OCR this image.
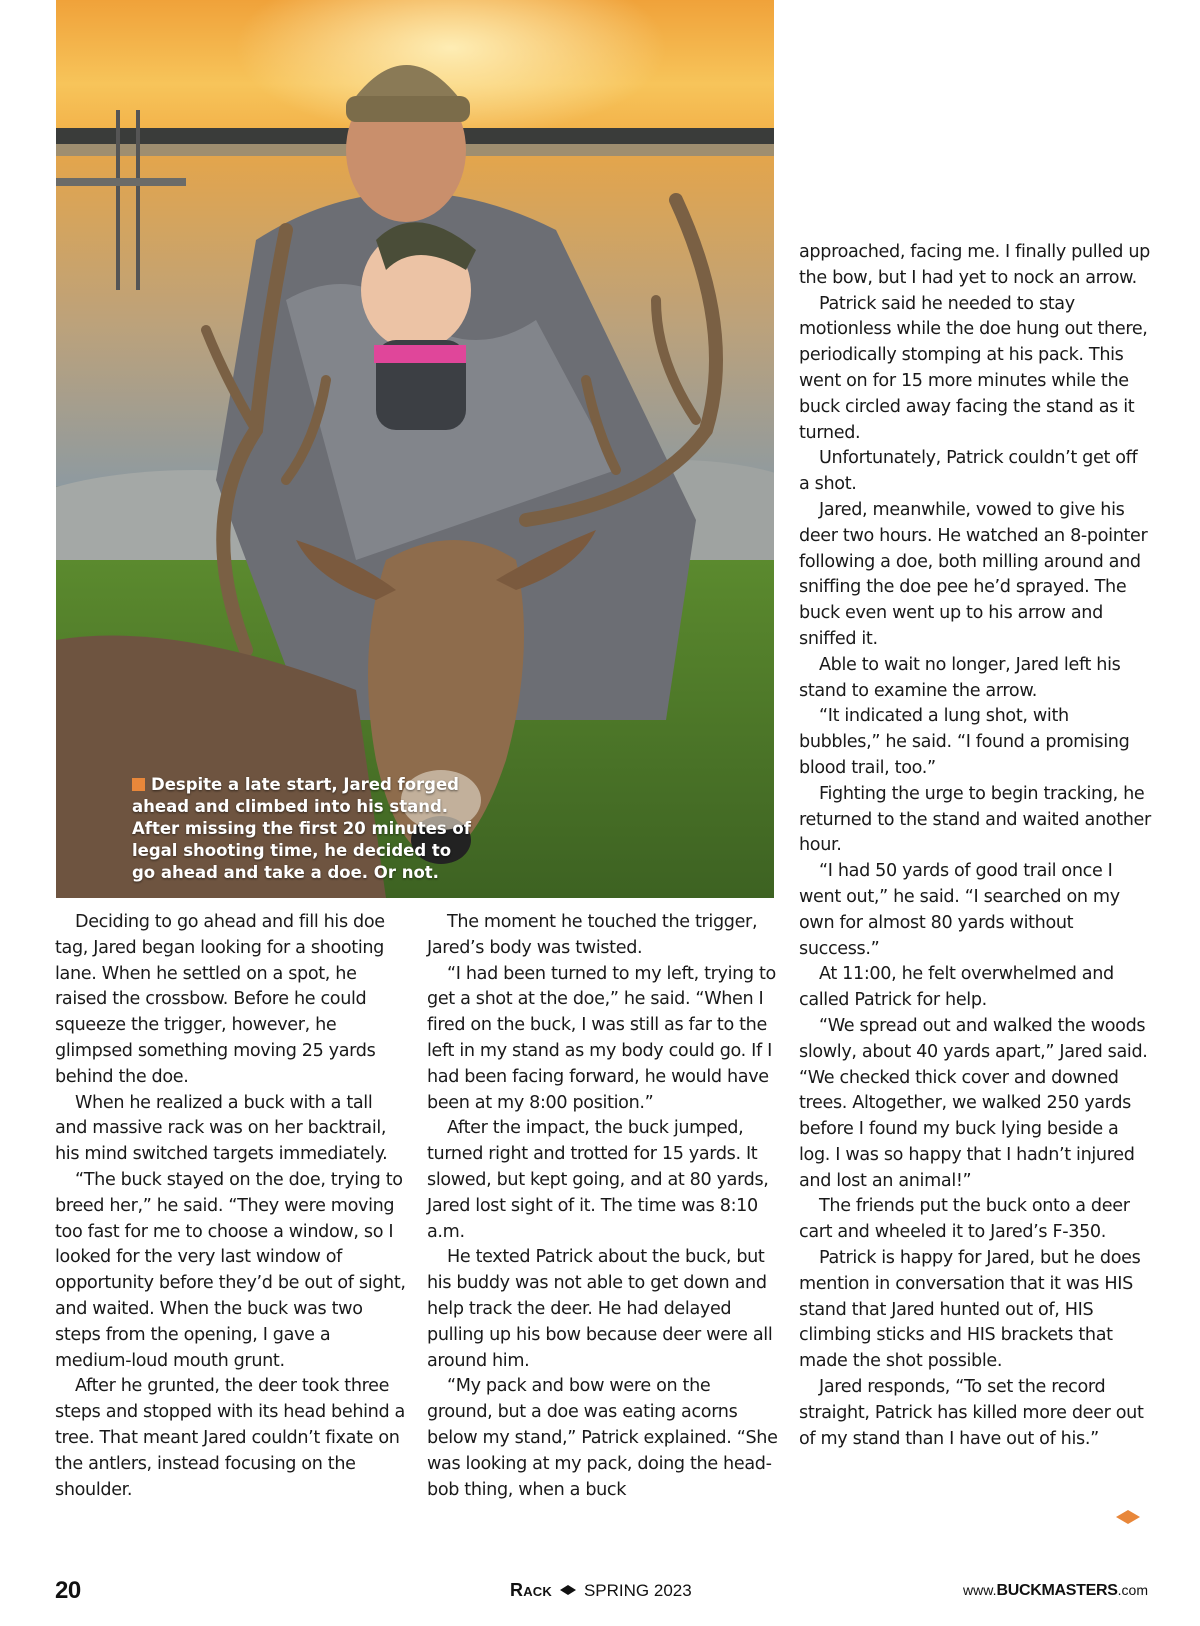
Despite a late start, Jared forged ahead and climbed into his stand. After missing the first 20 minutes of legal shooting time, he decided to go ahead and take a doe. Or not.

Deciding to go ahead and fill his doe tag, Jared began looking for a shooting lane. When he settled on a spot, he raised the crossbow. Before he could squeeze the trigger, however, he glimpsed something moving 25 yards behind the doe.

When he realized a buck with a tall and massive rack was on her backtrail, his mind switched targets immediately.

“The buck stayed on the doe, trying to breed her,” he said. “They were moving too fast for me to choose a window, so I looked for the very last window of opportunity before they’d be out of sight, and waited. When the buck was two steps from the opening, I gave a medium-loud mouth grunt.

After he grunted, the deer took three steps and stopped with its head behind a tree. That meant Jared couldn’t fixate on the antlers, instead focusing on the shoulder.

The moment he touched the trigger, Jared’s body was twisted.

“I had been turned to my left, trying to get a shot at the doe,” he said. “When I fired on the buck, I was still as far to the left in my stand as my body could go. If I had been facing forward, he would have been at my 8:00 position.”

After the impact, the buck jumped, turned right and trotted for 15 yards. It slowed, but kept going, and at 80 yards, Jared lost sight of it. The time was 8:10 a.m.

He texted Patrick about the buck, but his buddy was not able to get down and help track the deer. He had delayed pulling up his bow because deer were all around him.

“My pack and bow were on the ground, but a doe was eating acorns below my stand,” Patrick explained. “She was looking at my pack, doing the head-bob thing, when a buck

approached, facing me. I finally pulled up the bow, but I had yet to nock an arrow.

Patrick said he needed to stay motionless while the doe hung out there, periodically stomping at his pack. This went on for 15 more minutes while the buck circled away facing the stand as it turned.

Unfortunately, Patrick couldn’t get off a shot.

Jared, meanwhile, vowed to give his deer two hours. He watched an 8-pointer following a doe, both milling around and sniffing the doe pee he’d sprayed. The buck even went up to his arrow and sniffed it.

Able to wait no longer, Jared left his stand to examine the arrow.

“It indicated a lung shot, with bubbles,” he said. “I found a promising blood trail, too.”

Fighting the urge to begin tracking, he returned to the stand and waited another hour.

“I had 50 yards of good trail once I went out,” he said. “I searched on my own for almost 80 yards without success.”

At 11:00, he felt overwhelmed and called Patrick for help.

“We spread out and walked the woods slowly, about 40 yards apart,” Jared said. “We checked thick cover and downed trees. Altogether, we walked 250 yards before I found my buck lying beside a log. I was so happy that I hadn’t injured and lost an animal!”

The friends put the buck onto a deer cart and wheeled it to Jared’s F-350.

Patrick is happy for Jared, but he does mention in conversation that it was HIS stand that Jared hunted out of, HIS climbing sticks and HIS brackets that made the shot possible.

Jared responds, “To set the record straight, Patrick has killed more deer out of my stand than I have out of his.”

20	Rack SPRING 2023	www.BUCKMASTERS.com
